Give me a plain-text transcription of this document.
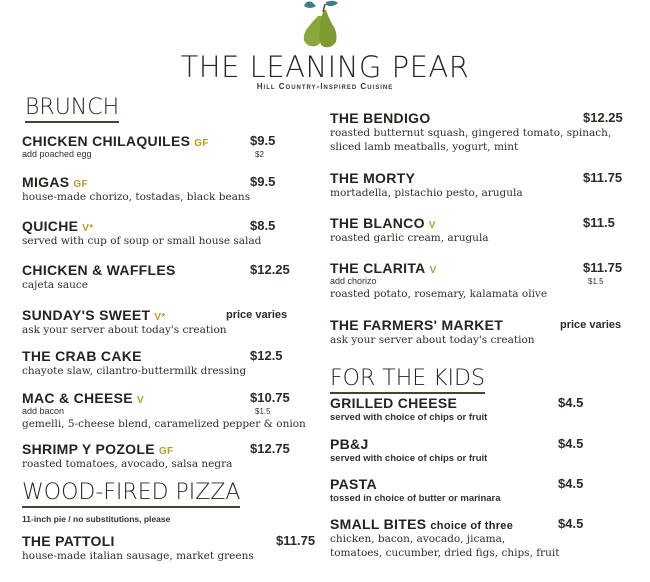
THE LEANING PEAR
Hill Country-Inspired Cuisine
BRUNCH
WOOD-FIRED PIZZA
11-inch pie / no substitutions, please
FOR THE KIDS
CHICKEN CHILAQUILES GF
add poached egg
$9.5
$2
MIGAS GF
house-made chorizo, tostadas, black beans
$9.5
QUICHE V*
served with cup of soup or small house salad
$8.5
CHICKEN & WAFFLES
cajeta sauce
$12.25
SUNDAY'S SWEET V*
ask your server about today's creation
price varies
THE CRAB CAKE
chayote slaw, cilantro-buttermilk dressing
$12.5
MAC & CHEESE V
add bacon
gemelli, 5-cheese blend, caramelized pepper & onion
$10.75
$1.5
SHRIMP Y POZOLE GF
roasted tomatoes, avocado, salsa negra
$12.75
THE PATTOLI
house-made italian sausage, market greens
$11.75
THE BENDIGO
roasted butternut squash, gingered tomato, spinach,
sliced lamb meatballs, yogurt, mint
$12.25
THE MORTY
mortadella, pistachio pesto, arugula
$11.75
THE BLANCO V
roasted garlic cream, arugula
$11.5
THE CLARITA V
add chorizo
roasted potato, rosemary, kalamata olive
$11.75
$1.5
THE FARMERS' MARKET
ask your server about today's creation
price varies
GRILLED CHEESE
served with choice of chips or fruit
$4.5
PB&J
served with choice of chips or fruit
$4.5
PASTA
tossed in choice of butter or marinara
$4.5
SMALL BITES choice of three
chicken, bacon, avocado, jicama,
tomatoes, cucumber, dried figs, chips, fruit
$4.5
